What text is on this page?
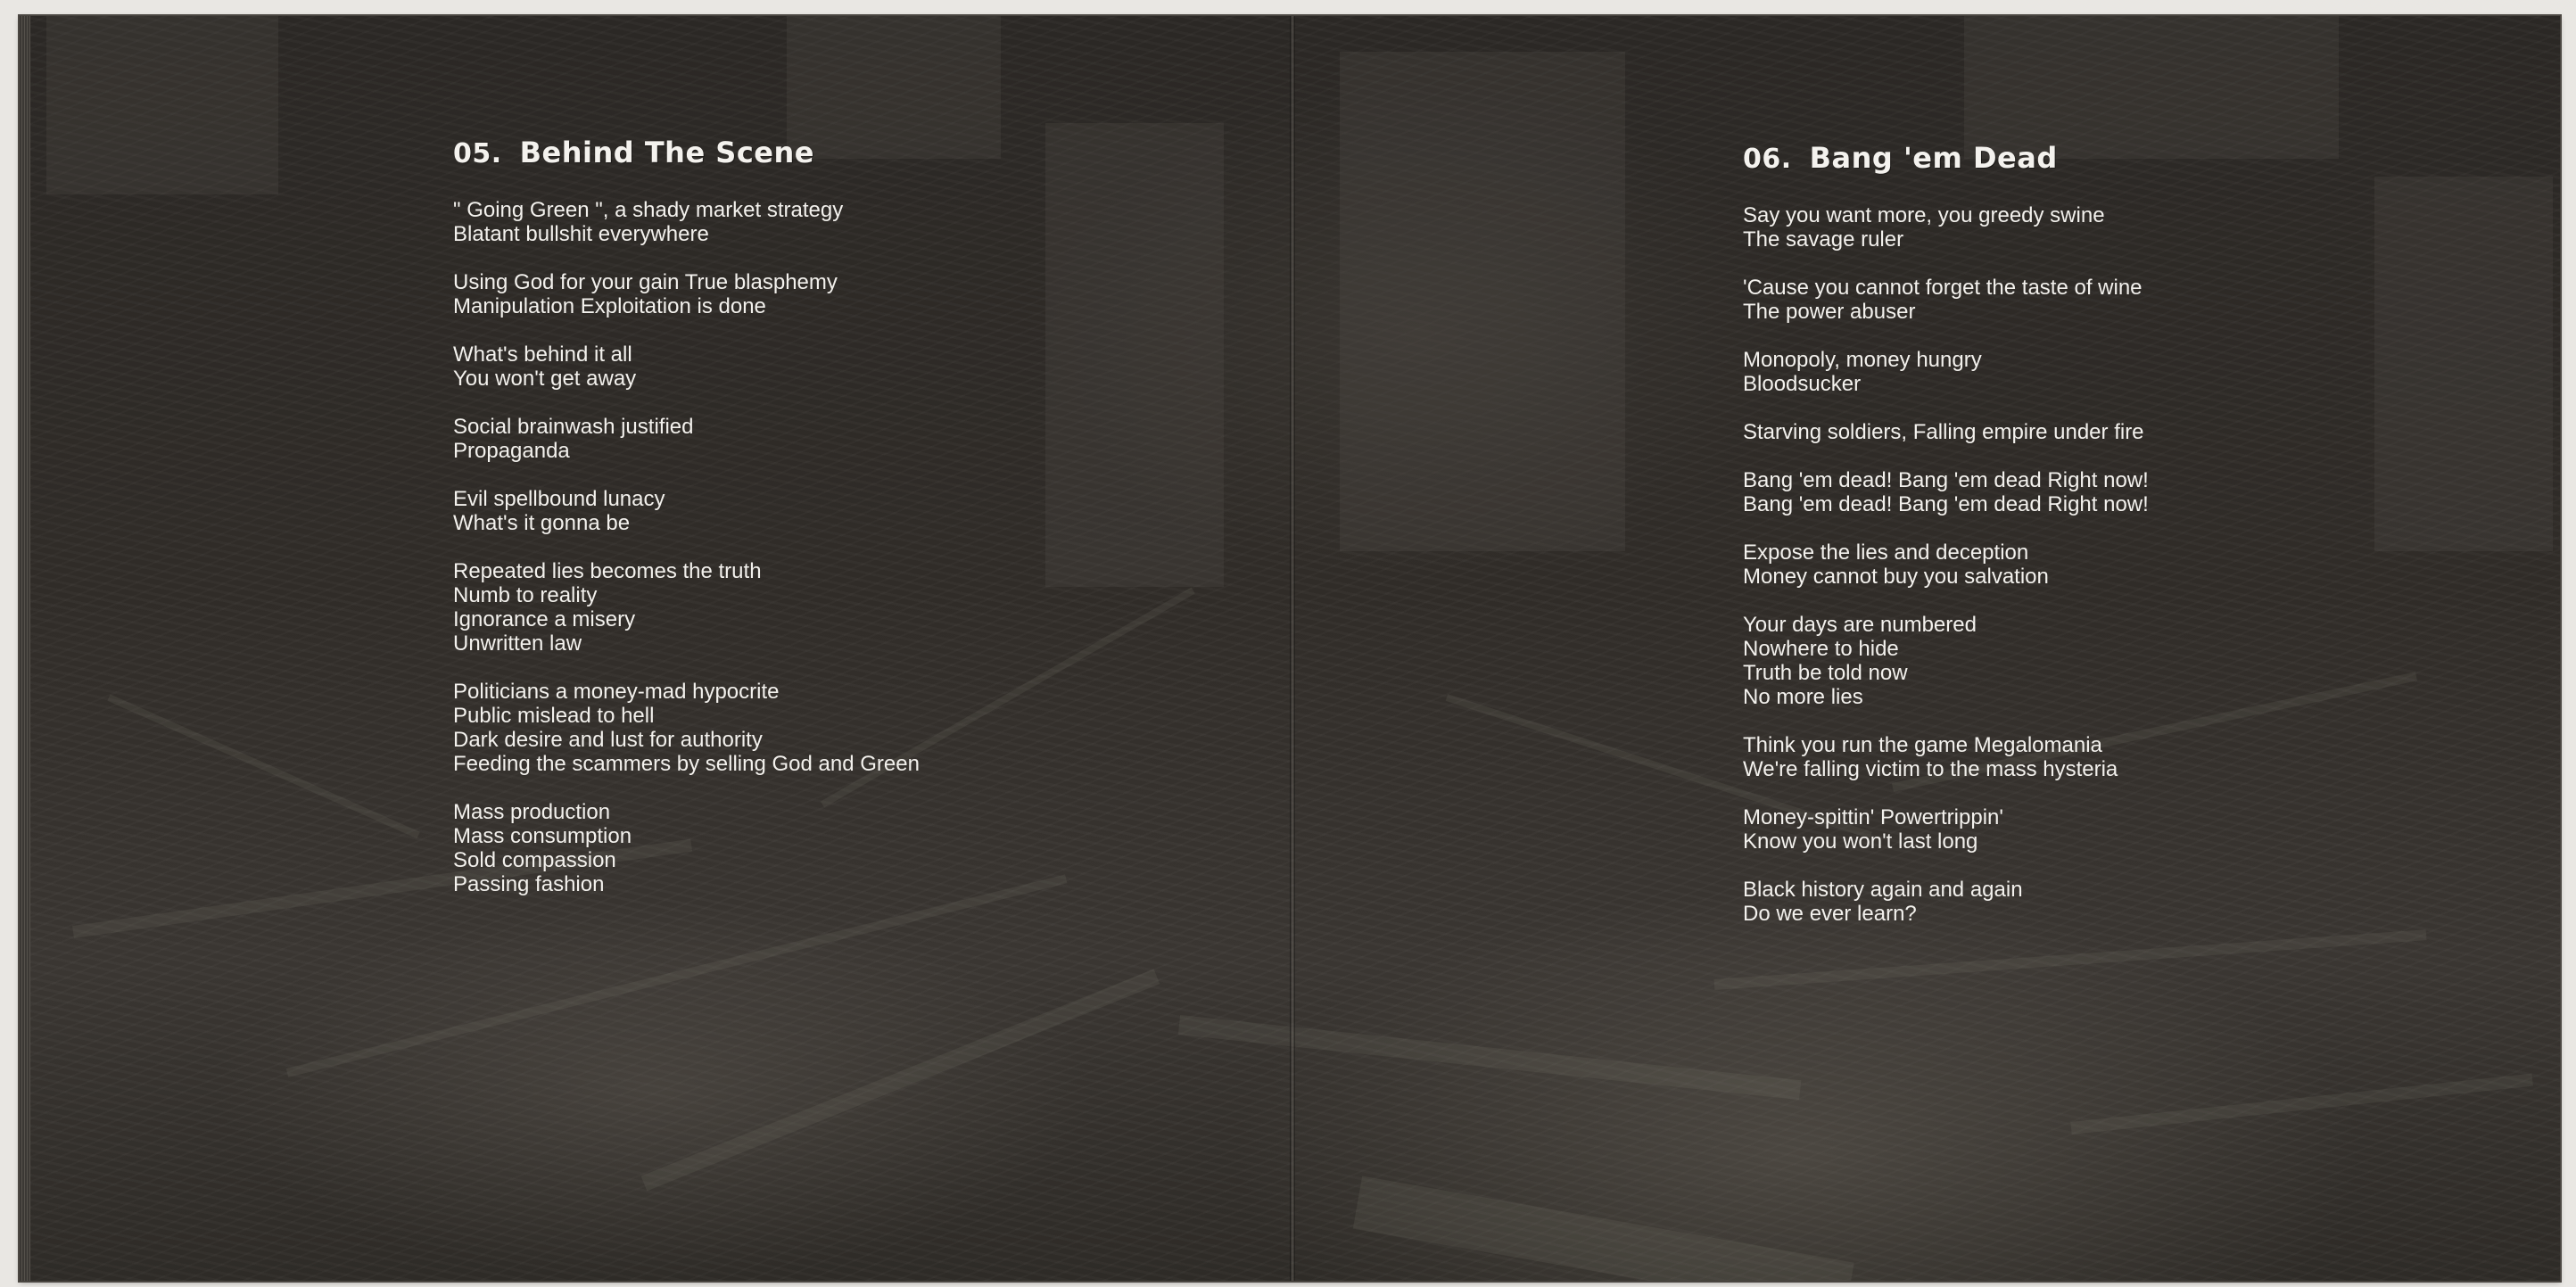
05. Behind The Scene
" Going Green ", a shady market strategy
Blatant bullshit everywhere
Using God for your gain True blasphemy
Manipulation Exploitation is done
What's behind it all
You won't get away
Social brainwash justified
Propaganda
Evil spellbound lunacy
What's it gonna be
Repeated lies becomes the truth
Numb to reality
Ignorance a misery
Unwritten law
Politicians a money-mad hypocrite
Public mislead to hell
Dark desire and lust for authority
Feeding the scammers by selling God and Green
Mass production
Mass consumption
Sold compassion
Passing fashion
06. Bang 'em Dead
Say you want more, you greedy swine
The savage ruler
'Cause you cannot forget the taste of wine
The power abuser
Monopoly, money hungry
Bloodsucker
Starving soldiers, Falling empire under fire
Bang 'em dead! Bang 'em dead Right now!
Bang 'em dead! Bang 'em dead Right now!
Expose the lies and deception
Money cannot buy you salvation
Your days are numbered
Nowhere to hide
Truth be told now
No more lies
Think you run the game Megalomania
We're falling victim to the mass hysteria
Money-spittin' Powertrippin'
Know you won't last long
Black history again and again
Do we ever learn?
